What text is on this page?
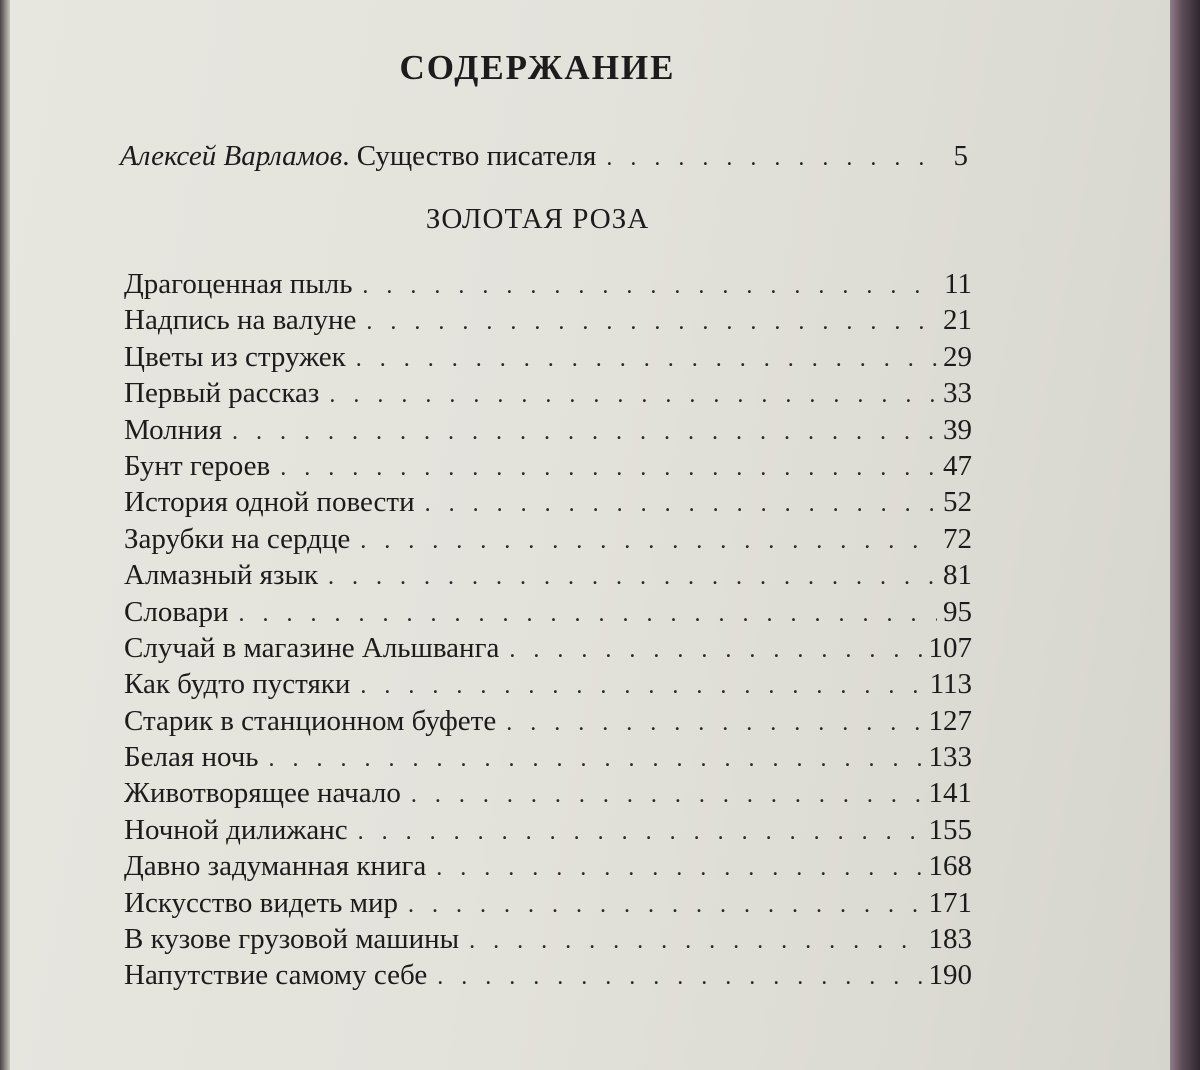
СОДЕРЖАНИЕ
Алексей Варламов . Существо писателя . . .	5
ЗОЛОТАЯ РОЗА
Драгоценная пыль . . .	11
Надпись на валуне . . .	21
Цветы из стружек . . .	29
Первый рассказ . . .	33
Молния . . .	39
Бунт героев . . .	47
История одной повести . . .	52
Зарубки на сердце . . .	72
Алмазный язык . . .	81
Словари . . .	95
Случай в магазине Альшванга . . .	107
Как будто пустяки . . .	113
Старик в станционном буфете . . .	127
Белая ночь . . .	133
Животворящее начало . . .	141
Ночной дилижанс . . .	155
Давно задуманная книга . . .	168
Искусство видеть мир . . .	171
В кузове грузовой машины . . .	183
Напутствие самому себе . . .	190
